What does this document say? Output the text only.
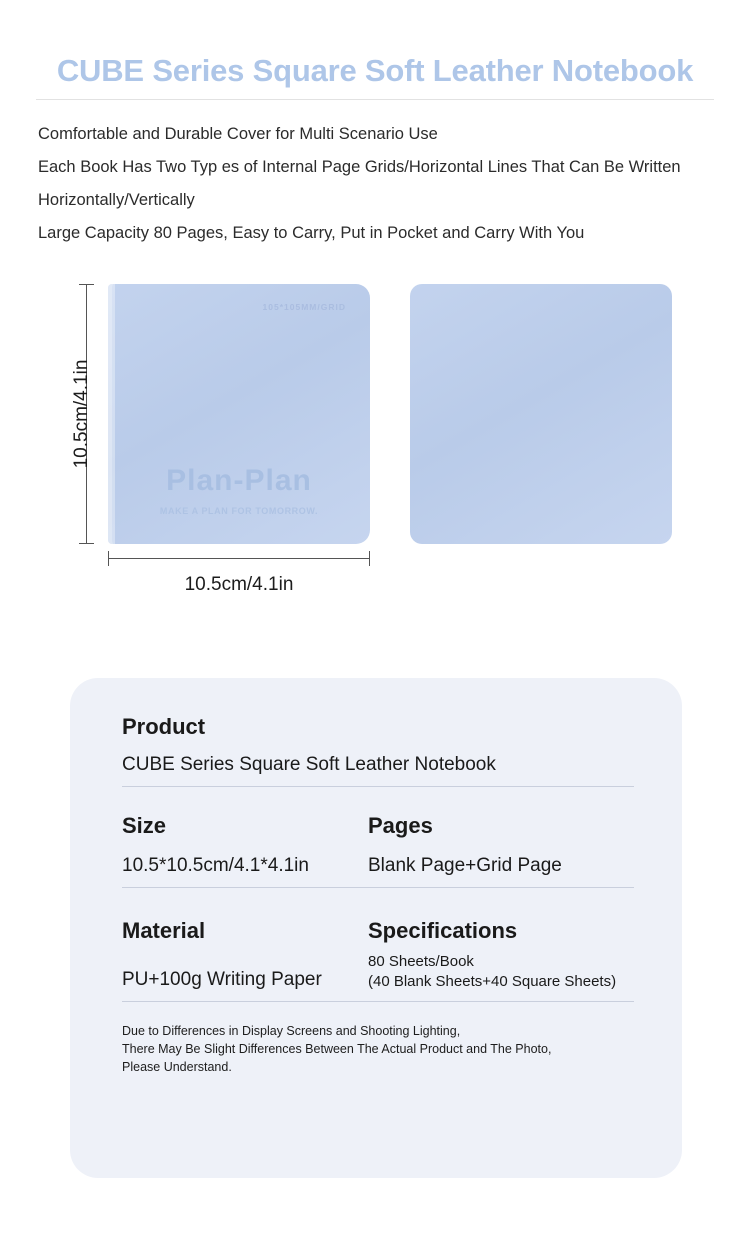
CUBE Series Square Soft Leather Notebook
Comfortable and Durable Cover for Multi Scenario Use
Each Book Has Two Typ es of Internal Page Grids/Horizontal Lines That Can Be Written
Horizontally/Vertically
Large Capacity 80 Pages, Easy to Carry, Put in Pocket and Carry With You
10.5cm/4.1in
105*105MM/GRID
Plan-Plan
MAKE A PLAN FOR TOMORROW.
10.5cm/4.1in
Product
CUBE Series Square Soft Leather Notebook
Size
10.5*10.5cm/4.1*4.1in
Pages
Blank Page+Grid Page
Material	Specifications
PU+100g Writing Paper
80 Sheets/Book
(40 Blank Sheets+40 Square Sheets)
Due to Differences in Display Screens and Shooting Lighting,
There May Be Slight Differences Between The Actual Product and The Photo,
Please Understand.
